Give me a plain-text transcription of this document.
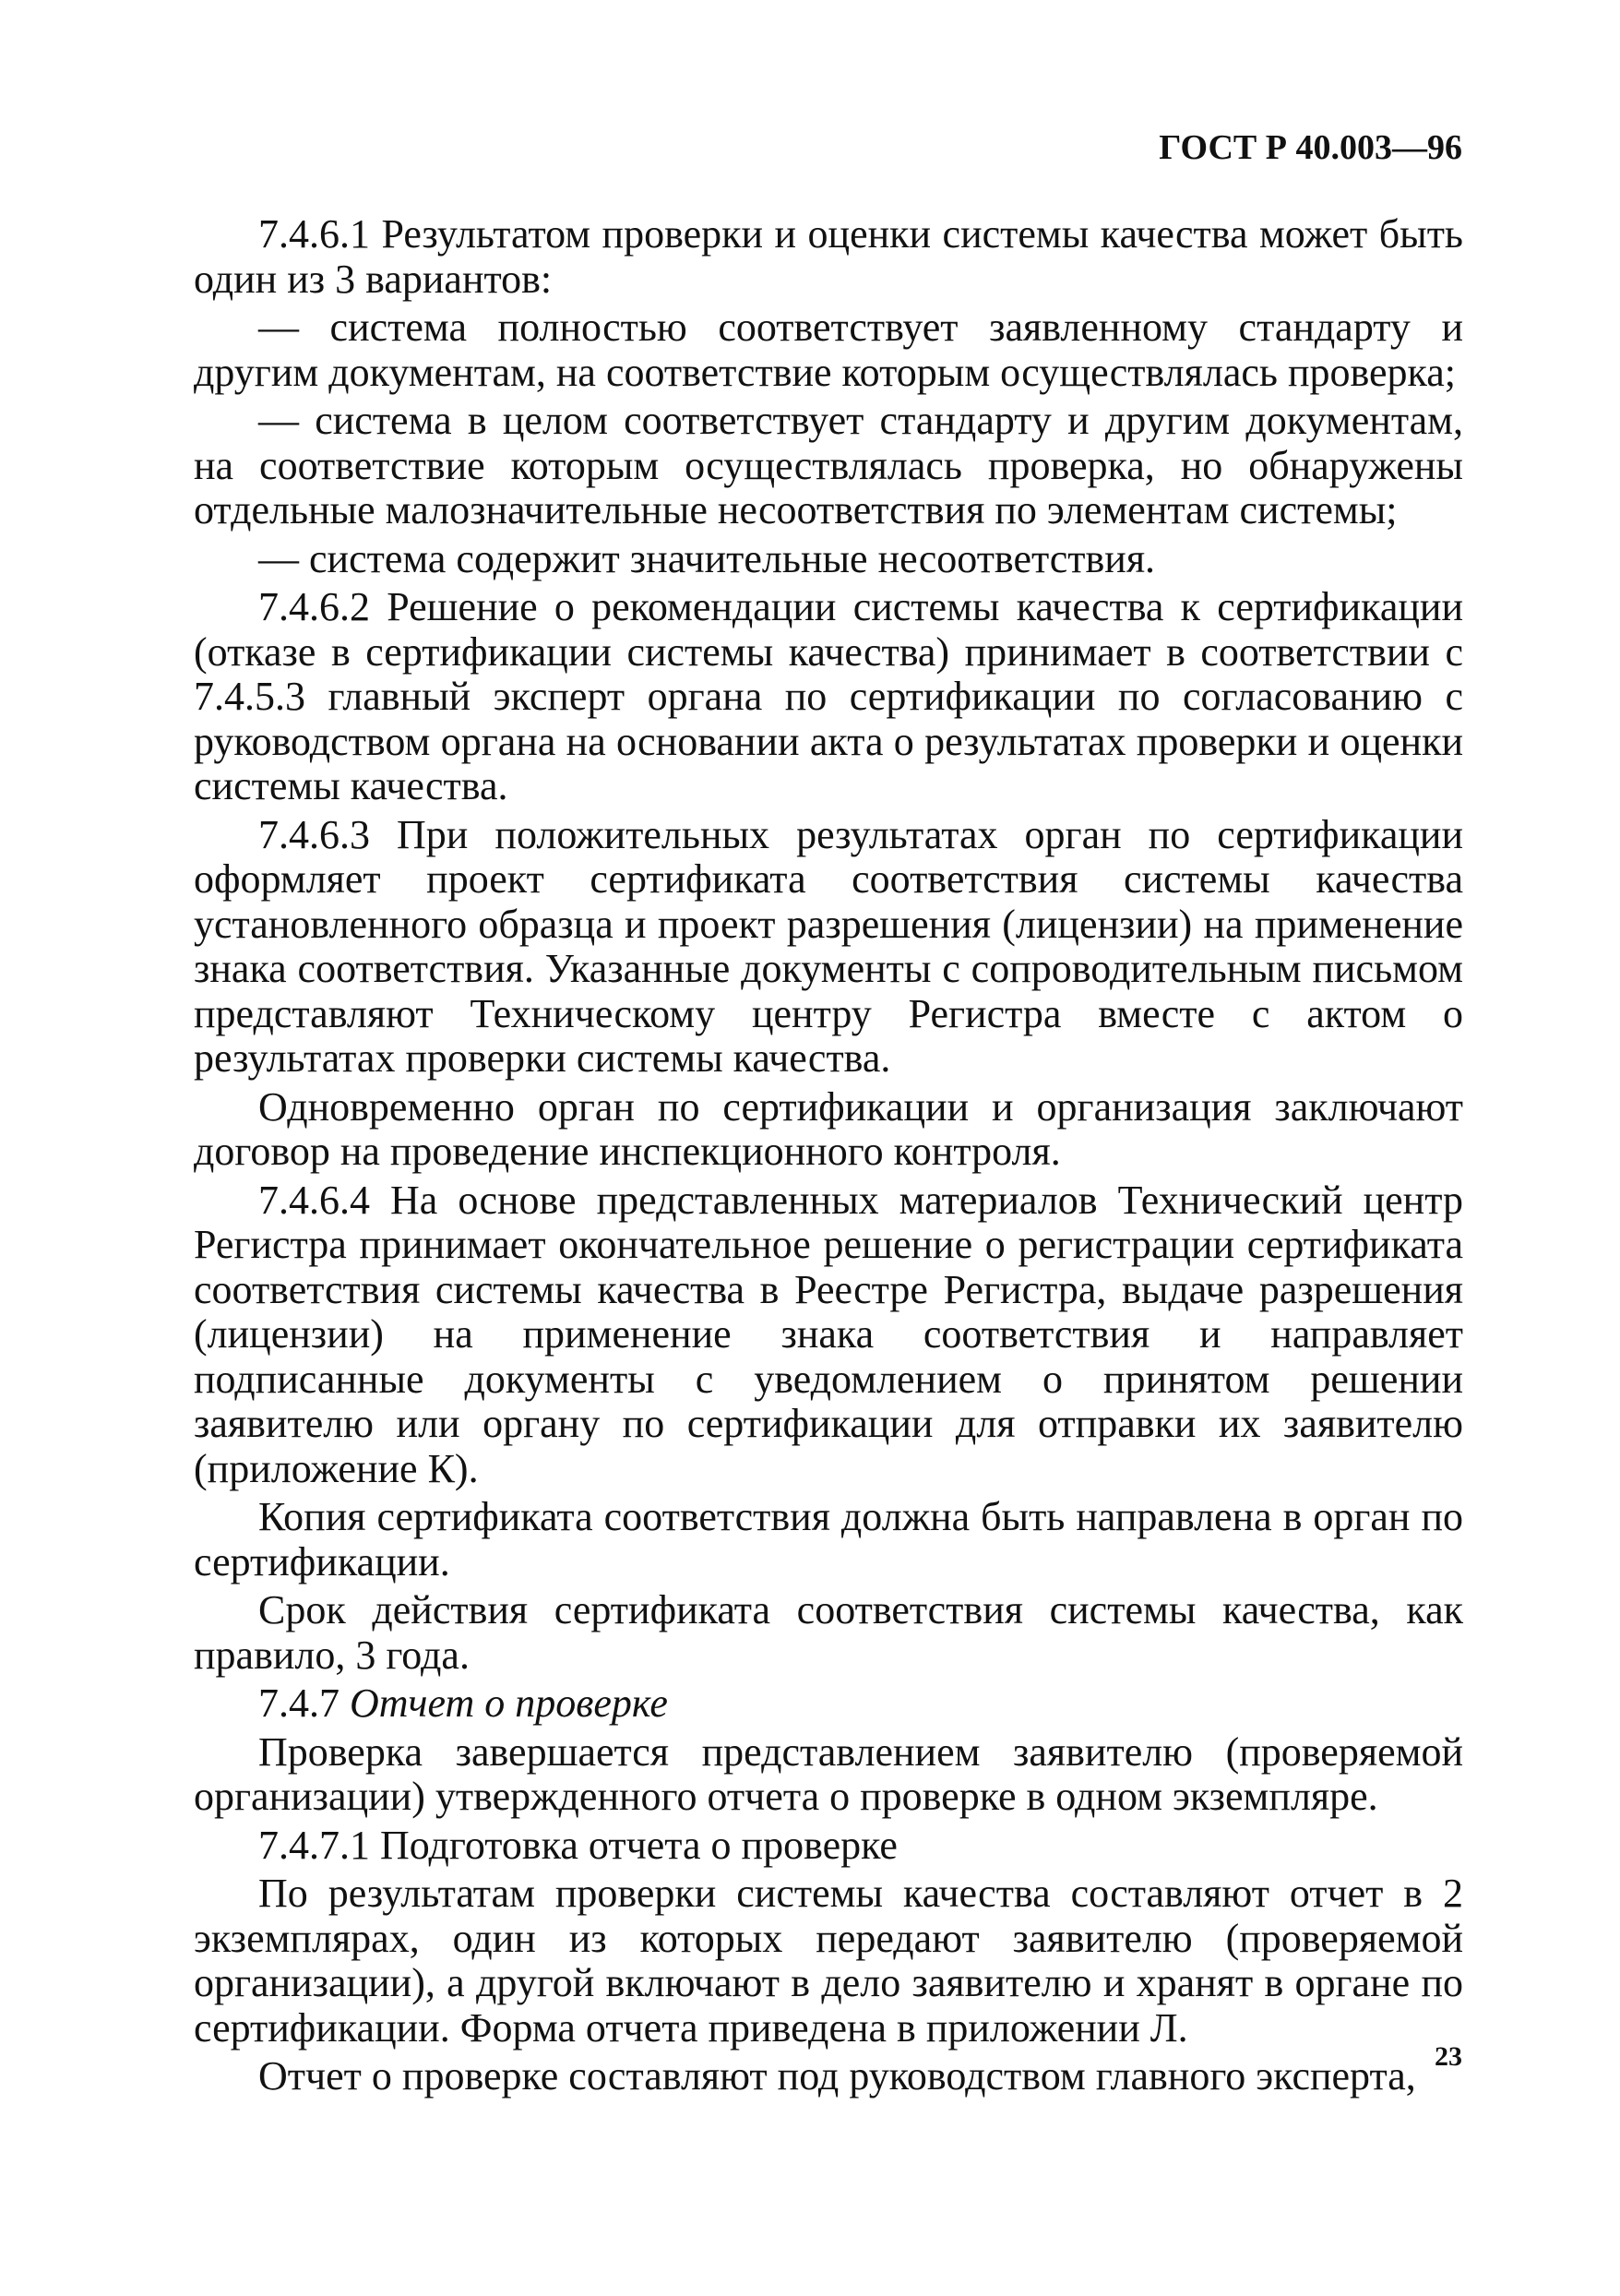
ГОСТ Р 40.003—96

7.4.6.1 Результатом проверки и оценки системы качества может быть один из 3 вариантов:

— система полностью соответствует заявленному стандарту и другим документам, на соответствие которым осуществлялась проверка;

— система в целом соответствует стандарту и другим документам, на соответствие которым осуществлялась проверка, но обнаружены отдельные малозначительные несоответствия по элементам системы;

— система содержит значительные несоответствия.

7.4.6.2 Решение о рекомендации системы качества к сертификации (отказе в сертификации системы качества) принимает в соответствии с 7.4.5.3 главный эксперт органа по сертификации по согласованию с руководством органа на основании акта о результатах проверки и оценки системы качества.

7.4.6.3 При положительных результатах орган по сертификации оформляет проект сертификата соответствия системы качества установленного образца и проект разрешения (лицензии) на применение знака соответствия. Указанные документы с сопроводительным письмом представляют Техническому центру Регистра вместе с актом о результатах проверки системы качества.

Одновременно орган по сертификации и организация заключают договор на проведение инспекционного контроля.

7.4.6.4 На основе представленных материалов Технический центр Регистра принимает окончательное решение о регистрации сертификата соответствия системы качества в Реестре Регистра, выдаче разрешения (лицензии) на применение знака соответствия и направляет подписанные документы с уведомлением о принятом решении заявителю или органу по сертификации для отправки их заявителю (приложение К).

Копия сертификата соответствия должна быть направлена в орган по сертификации.

Срок действия сертификата соответствия системы качества, как правило, 3 года.

7.4.7 Отчет о проверке

Проверка завершается представлением заявителю (проверяемой организации) утвержденного отчета о проверке в одном экземпляре.

7.4.7.1 Подготовка отчета о проверке

По результатам проверки системы качества составляют отчет в 2 экземплярах, один из которых передают заявителю (проверяемой организации), а другой включают в дело заявителю и хранят в органе по сертификации. Форма отчета приведена в приложении Л.

Отчет о проверке составляют под руководством главного эксперта, 23
